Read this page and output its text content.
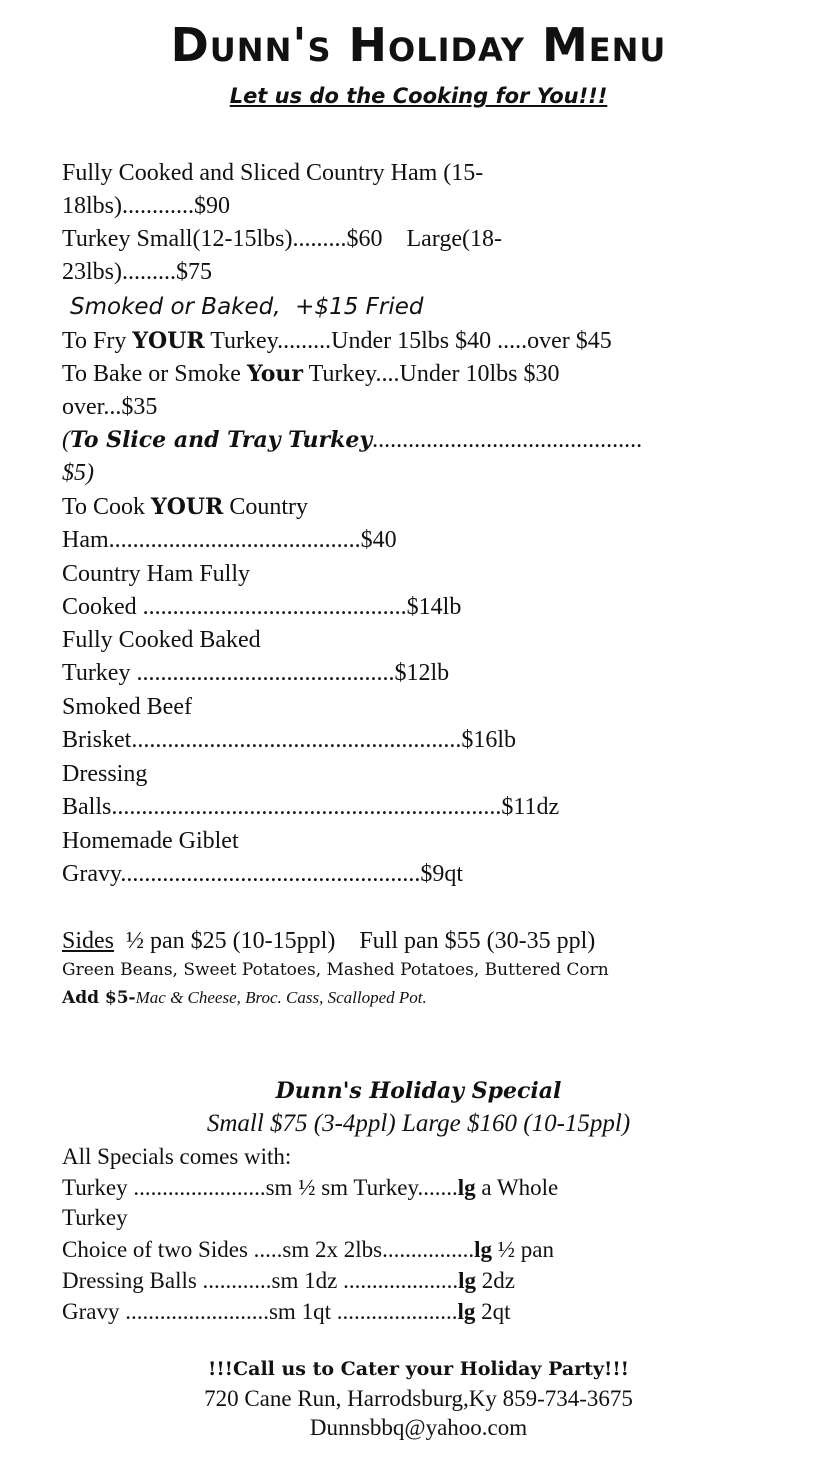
Dunn's Holiday Menu
Let us do the Cooking for You!!!
Fully Cooked and Sliced Country Ham (15-
18lbs)............$90
Turkey Small(12-15lbs).........$60    Large(18-
23lbs).........$75
Smoked or Baked,  +$15 Fried
To Fry YOUR Turkey.........Under 15lbs $40 .....over $45
To Bake or Smoke Your Turkey....Under 10lbs $30
over...$35
(To Slice and Tray Turkey.............................................
$5)
To Cook YOUR Country
Ham..........................................$40
Country Ham Fully
Cooked ............................................$14lb
Fully Cooked Baked
Turkey ...........................................$12lb
Smoked Beef
Brisket.......................................................$16lb
Dressing
Balls.................................................................$11dz
Homemade Giblet
Gravy..................................................$9qt
Sides  ½ pan $25 (10-15ppl)    Full pan $55 (30-35 ppl)
Green Beans, Sweet Potatoes, Mashed Potatoes, Buttered Corn
Add $5-Mac & Cheese, Broc. Cass, Scalloped Pot.
Dunn's Holiday Special
Small $75 (3-4ppl) Large $160 (10-15ppl)
All Specials comes with:
Turkey .......................sm ½ sm Turkey.......lg a Whole
Turkey
Choice of two Sides .....sm 2x 2lbs................lg ½ pan
Dressing Balls ............sm 1dz ....................lg 2dz
Gravy .........................sm 1qt .....................lg 2qt
!!!Call us to Cater your Holiday Party!!!
720 Cane Run, Harrodsburg,Ky 859-734-3675
Dunnsbbq@yahoo.com
